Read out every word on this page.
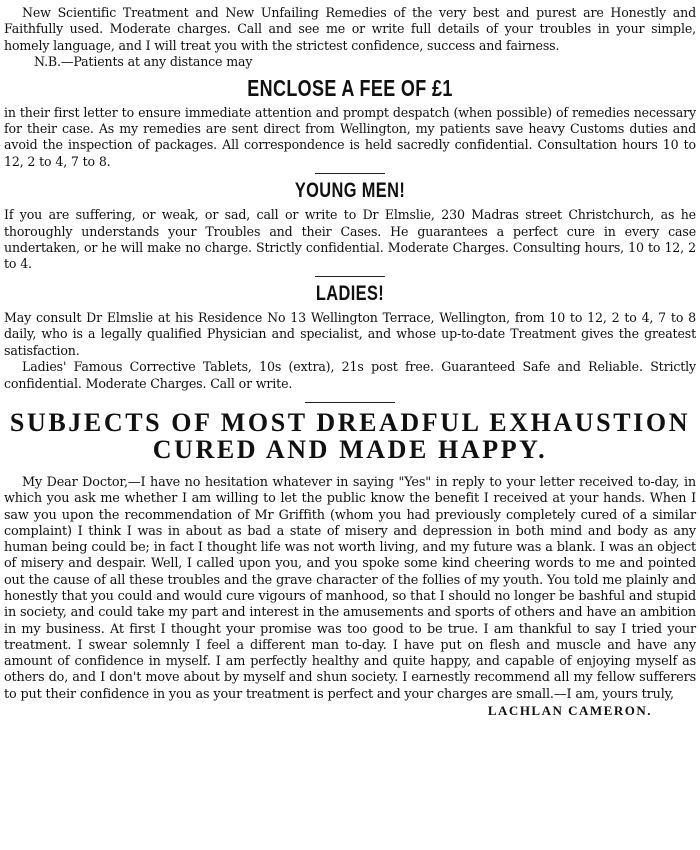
New Scientific Treatment and New Unfailing Remedies of the very best and purest are Honestly and Faithfully used. Moderate charges. Call and see me or write full details of your troubles in your simple, homely language, and I will treat you with the strictest confidence, success and fairness.

N.B.—Patients at any distance may

ENCLOSE A FEE OF £1

in their first letter to ensure immediate attention and prompt despatch (when possible) of remedies necessary for their case. As my remedies are sent direct from Wellington, my patients save heavy Customs duties and avoid the inspection of packages. All correspondence is held sacredly confidential. Consultation hours 10 to 12, 2 to 4, 7 to 8.

YOUNG MEN!

If you are suffering, or weak, or sad, call or write to Dr Elmslie, 230 Madras street Christchurch, as he thoroughly understands your Troubles and their Cases. He guarantees a perfect cure in every case undertaken, or he will make no charge. Strictly confidential. Moderate Charges. Consulting hours, 10 to 12, 2 to 4.

LADIES!

May consult Dr Elmslie at his Residence No 13 Wellington Terrace, Wellington, from 10 to 12, 2 to 4, 7 to 8 daily, who is a legally qualified Physician and specialist, and whose up-to-date Treatment gives the greatest satisfaction.

Ladies' Famous Corrective Tablets, 10s (extra), 21s post free. Guaranteed Safe and Reliable. Strictly confidential. Moderate Charges. Call or write.

SUBJECTS OF MOST DREADFUL EXHAUSTION
CURED AND MADE HAPPY.

My Dear Doctor,—I have no hesitation whatever in saying "Yes" in reply to your letter received to-day, in which you ask me whether I am willing to let the public know the benefit I received at your hands. When I saw you upon the recommendation of Mr Griffith (whom you had previously completely cured of a similar complaint) I think I was in about as bad a state of misery and depression in both mind and body as any human being could be; in fact I thought life was not worth living, and my future was a blank. I was an object of misery and despair. Well, I called upon you, and you spoke some kind cheering words to me and pointed out the cause of all these troubles and the grave character of the follies of my youth. You told me plainly and honestly that you could and would cure vigours of manhood, so that I should no longer be bashful and stupid in society, and could take my part and interest in the amusements and sports of others and have an ambition in my business. At first I thought your promise was too good to be true. I am thankful to say I tried your treatment. I swear solemnly I feel a different man to-day. I have put on flesh and muscle and have any amount of confidence in myself. I am perfectly healthy and quite happy, and capable of enjoying myself as others do, and I don't move about by myself and shun society. I earnestly recommend all my fellow sufferers to put their confidence in you as your treatment is perfect and your charges are small.—I am, yours truly,

LACHLAN CAMERON.
